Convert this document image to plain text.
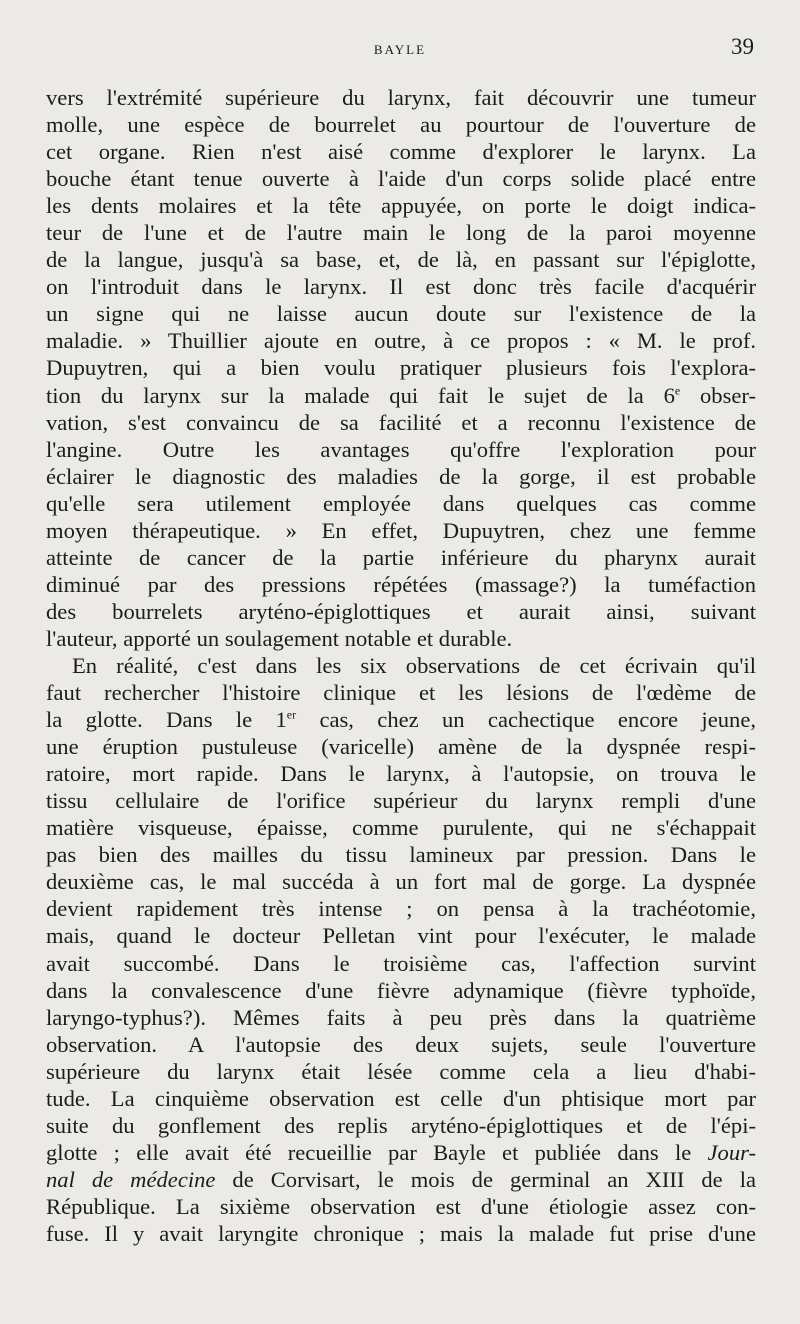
BAYLE	39
vers l'extrémité supérieure du larynx, fait découvrir une tumeur
molle, une espèce de bourrelet au pourtour de l'ouverture de
cet organe. Rien n'est aisé comme d'explorer le larynx. La
bouche étant tenue ouverte à l'aide d'un corps solide placé entre
les dents molaires et la tête appuyée, on porte le doigt indica-
teur de l'une et de l'autre main le long de la paroi moyenne
de la langue, jusqu'à sa base, et, de là, en passant sur l'épiglotte,
on l'introduit dans le larynx. Il est donc très facile d'acquérir
un signe qui ne laisse aucun doute sur l'existence de la
maladie. » Thuillier ajoute en outre, à ce propos : « M. le prof.
Dupuytren, qui a bien voulu pratiquer plusieurs fois l'explora-
tion du larynx sur la malade qui fait le sujet de la 6e obser-
vation, s'est convaincu de sa facilité et a reconnu l'existence de
l'angine. Outre les avantages qu'offre l'exploration pour
éclairer le diagnostic des maladies de la gorge, il est probable
qu'elle sera utilement employée dans quelques cas comme
moyen thérapeutique. » En effet, Dupuytren, chez une femme
atteinte de cancer de la partie inférieure du pharynx aurait
diminué par des pressions répétées (massage?) la tuméfaction
des bourrelets aryténo-épiglottiques et aurait ainsi, suivant
l'auteur, apporté un soulagement notable et durable.
En réalité, c'est dans les six observations de cet écrivain qu'il
faut rechercher l'histoire clinique et les lésions de l'œdème de
la glotte. Dans le 1er cas, chez un cachectique encore jeune,
une éruption pustuleuse (varicelle) amène de la dyspnée respi-
ratoire, mort rapide. Dans le larynx, à l'autopsie, on trouva le
tissu cellulaire de l'orifice supérieur du larynx rempli d'une
matière visqueuse, épaisse, comme purulente, qui ne s'échappait
pas bien des mailles du tissu lamineux par pression. Dans le
deuxième cas, le mal succéda à un fort mal de gorge. La dyspnée
devient rapidement très intense ; on pensa à la trachéotomie,
mais, quand le docteur Pelletan vint pour l'exécuter, le malade
avait succombé. Dans le troisième cas, l'affection survint
dans la convalescence d'une fièvre adynamique (fièvre typhoïde,
laryngo-typhus?). Mêmes faits à peu près dans la quatrième
observation. A l'autopsie des deux sujets, seule l'ouverture
supérieure du larynx était lésée comme cela a lieu d'habi-
tude. La cinquième observation est celle d'un phtisique mort par
suite du gonflement des replis aryténo-épiglottiques et de l'épi-
glotte ; elle avait été recueillie par Bayle et publiée dans le Jour-
nal de médecine de Corvisart, le mois de germinal an XIII de la
République. La sixième observation est d'une étiologie assez con-
fuse. Il y avait laryngite chronique ; mais la malade fut prise d'une
